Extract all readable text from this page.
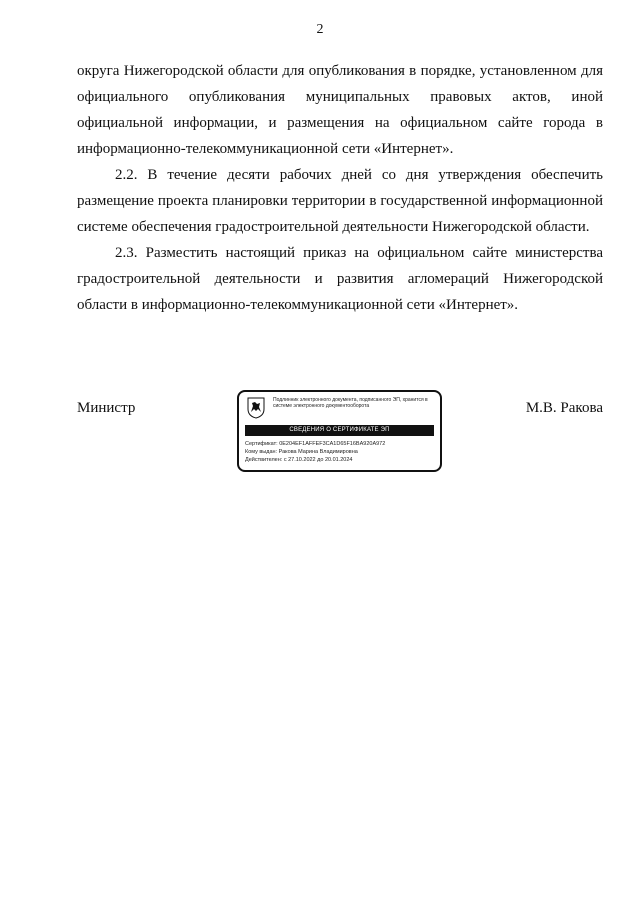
2

округа Нижегородской области для опубликования в порядке, установленном для официального опубликования муниципальных правовых актов, иной официальной информации, и размещения на официальном сайте города в информационно-телекоммуникационной сети «Интернет».

2.2. В течение десяти рабочих дней со дня утверждения обеспечить размещение проекта планировки территории в государственной информационной системе обеспечения градостроительной деятельности Нижегородской области.

2.3. Разместить настоящий приказ на официальном сайте министерства градостроительной деятельности и развития агломераций Нижегородской области в информационно-телекоммуникационной сети «Интернет».

Министр	Подлинник электронного документа, подписанного ЭП, хранится в системе электронного документооборота
СВЕДЕНИЯ О СЕРТИФИКАТЕ ЭП
Сертификат: 0E204EF1AFFEF3CA1D65F16BA920A972
Кому выдан: Ракова Марина Владимировна
Действителен: с 27.10.2022 до 20.01.2024
М.В. Ракова
